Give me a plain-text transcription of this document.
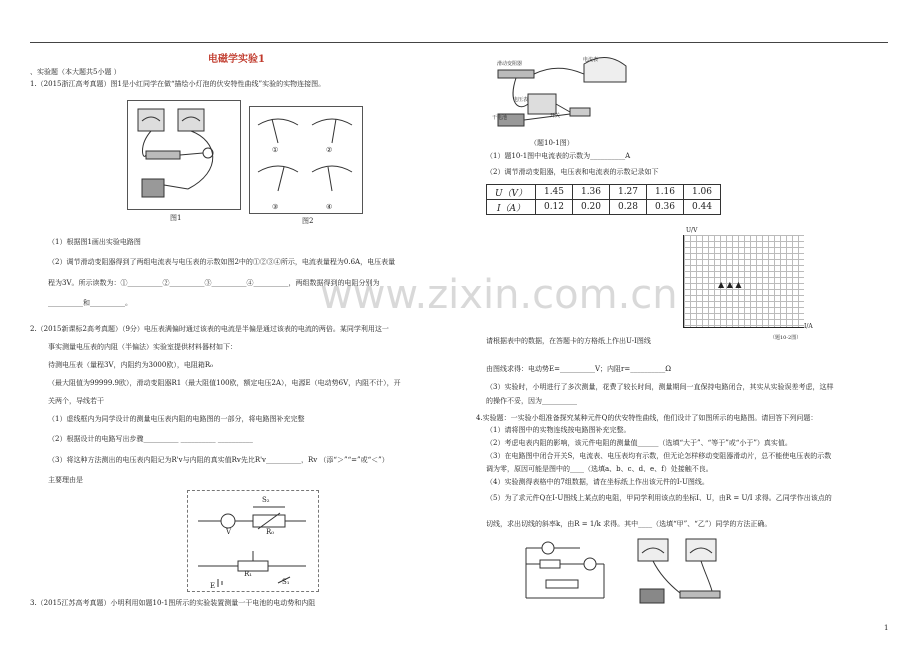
电磁学实验1
www.zixin.com.cn
、实验题（本大题共5小题 ）
1.（2015浙江高考真题）图1是小红同学在做“描绘小灯泡的伏安特性曲线”实验的实物连接图。
图1
①	②
③	④
图2
（1）根据图1画出实验电路图
（2）调节滑动变阻器得到了两组电流表与电压表的示数如图2中的①②③④所示，电流表量程为0.6A，电压表量
程为3V。所示读数为：①__________②__________③__________④__________，两组数据得到的电阻分别为
__________和__________。
2.（2015新课标2高考真题）（9分）电压表满偏时通过该表的电流是半偏是通过该表的电流的两倍。某同学利用这一
事实测量电压表的内阻（半偏法）实验室提供材料器材如下：
待测电压表（量程3V，内阻约为3000欧），电阻箱R₀
（最大阻值为99999.9欧），滑动变阻器R1（最大阻值100欧，额定电压2A），电源E（电动势6V，内阻不计），开
关两个，导线若干
（1）虚线框内为同学设计的测量电压表内阻的电路图的一部分，将电路图补充完整
（2）根据设计的电路写出步骤__________ __________ __________
（3）将这种方法测出的电压表内阻记为R'v与内阻的真实值Rv先比R'v__________，Rv （添“＞”“=”或“＜”）
主要理由是
V
S₂
R₀
R₁
E	S₁
3.（2015江苏高考真题）小明利用如题10-1图所示的实验装置测量一干电池的电动势和内阻
滑动变阻器
电流表
电压表
干电池	开关
（题10-1图）
（1）题10-1图中电流表的示数为__________A
（2）调节滑动变阻器，电压表和电流表的示数记录如下
U（V）	1.45	1.36	1.27	1.16	1.06
I（A）	0.12	0.20	0.28	0.36	0.44
U/V
I/A
▲ ▲ ▲
（题10-2图）
请根据表中的数据，在答题卡的方格纸上作出U-I图线
由图线求得：电动势E=__________V；内阻r=__________Ω
（3）实验时，小明进行了多次测量，花费了较长时间，测量期间一直保持电路闭合，其实从实验误差考虑，这样
的操作不妥，因为__________
4.实验题：一实验小组准备探究某种元件Q的伏安特性曲线，他们设计了如图所示的电路图。请回答下列问题：
（1）请将图中的实物连线按电路图补充完整。
（2）考虑电表内阻的影响，该元件电阻的测量值______（选填“大于”、“等于”或“小于”）真实值。
（3）在电路图中闭合开关S，电流表、电压表均有示数，但无论怎样移动变阻器滑动片，总不能使电压表的示数
调为零，原因可能是图中的____（选填a、b、c、d、e、f）处接触不良。
（4）实验测得表格中的7组数据，请在坐标纸上作出该元件的I-U图线。
（5）为了求元件Q在I-U图线上某点的电阻，甲同学利用该点的坐标I、U，由R = U/I 求得。乙同学作出该点的
切线，求出切线的斜率k，由R = 1/k 求得。其中____（选填“甲”、“乙”）同学的方法正确。
1
